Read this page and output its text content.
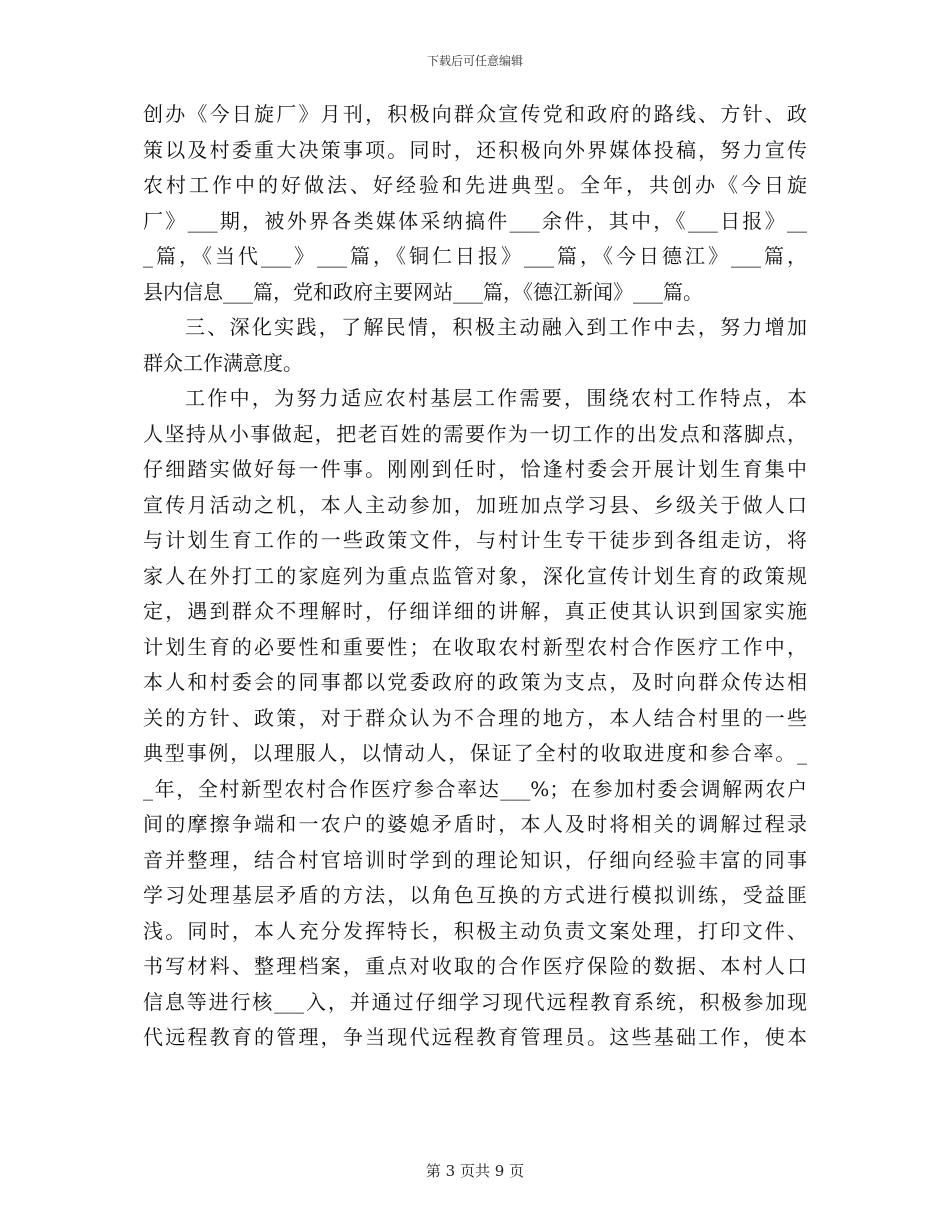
下载后可任意编辑
创办《今日旋厂》月刊，积极向群众宣传党和政府的路线、方针、政
策以及村委重大决策事项。同时，还积极向外界媒体投稿，努力宣传
农村工作中的好做法、好经验和先进典型。全年，共创办《今日旋
厂》___期，被外界各类媒体采纳搞件___余件，其中，《___日报》__
_篇，《当代___》___篇，《铜仁日报》___篇，《今日德江》___篇，
县内信息___篇，党和政府主要网站___篇，《德江新闻》___篇。
三、深化实践，了解民情，积极主动融入到工作中去，努力增加
群众工作满意度。
工作中，为努力适应农村基层工作需要，围绕农村工作特点，本
人坚持从小事做起，把老百姓的需要作为一切工作的出发点和落脚点，
仔细踏实做好每一件事。刚刚到任时，恰逢村委会开展计划生育集中
宣传月活动之机，本人主动参加，加班加点学习县、乡级关于做人口
与计划生育工作的一些政策文件，与村计生专干徒步到各组走访，将
家人在外打工的家庭列为重点监管对象，深化宣传计划生育的政策规
定，遇到群众不理解时，仔细详细的讲解，真正使其认识到国家实施
计划生育的必要性和重要性；在收取农村新型农村合作医疗工作中，
本人和村委会的同事都以党委政府的政策为支点，及时向群众传达相
关的方针、政策，对于群众认为不合理的地方，本人结合村里的一些
典型事例，以理服人，以情动人，保证了全村的收取进度和参合率。_
_年，全村新型农村合作医疗参合率达___%；在参加村委会调解两农户
间的摩擦争端和一农户的婆媳矛盾时，本人及时将相关的调解过程录
音并整理，结合村官培训时学到的理论知识，仔细向经验丰富的同事
学习处理基层矛盾的方法，以角色互换的方式进行模拟训练，受益匪
浅。同时，本人充分发挥特长，积极主动负责文案处理，打印文件、
书写材料、整理档案，重点对收取的合作医疗保险的数据、本村人口
信息等进行核___入，并通过仔细学习现代远程教育系统，积极参加现
代远程教育的管理，争当现代远程教育管理员。这些基础工作，使本
第 3 页共 9 页
